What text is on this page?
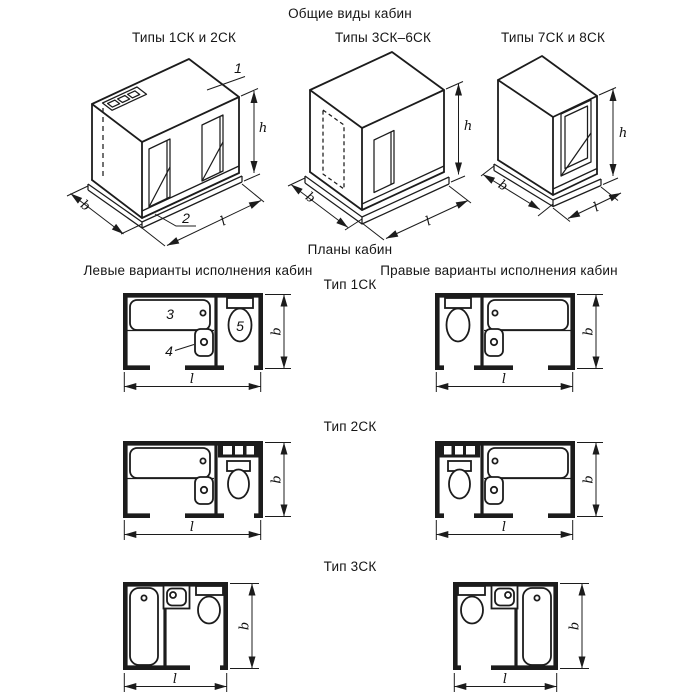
Общие виды кабин
Типы 1СК и 2СК	Типы 3СК–6СК	Типы 7СК и 8СК
1
2
h
b
l
h
b
l
h
b
l
Планы кабин
Левые варианты исполнения кабин	Правые варианты исполнения кабин
Тип 1СК
Тип 2СК
Тип 3СК
3
4
5 b
l
b
l
b
l
b
l
b
l
b
l
